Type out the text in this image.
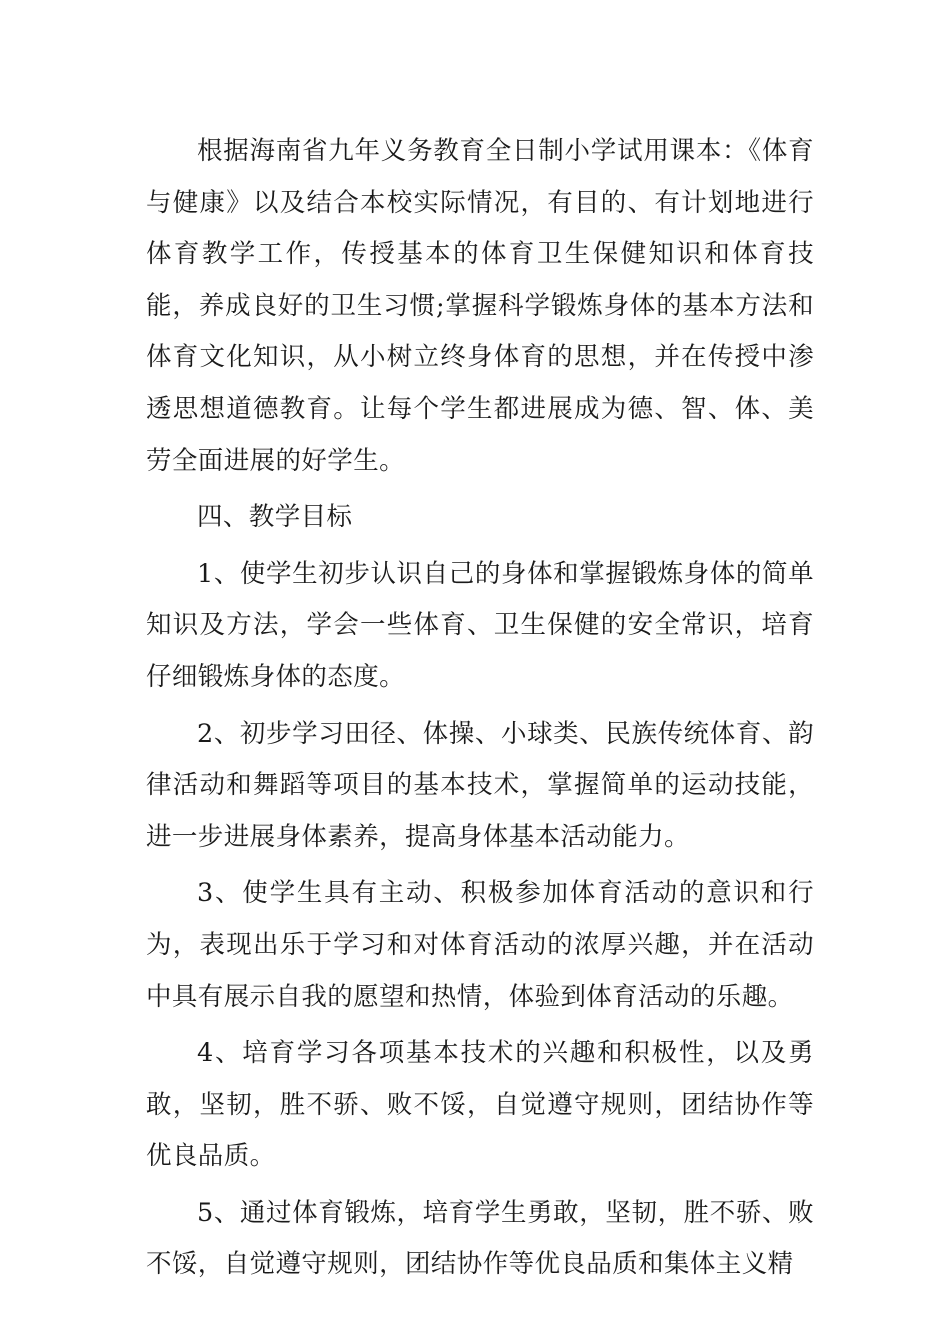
根据海南省九年义务教育全日制小学试用课本：《体育与健康》以及结合本校实际情况，有目的、有计划地进行体育教学工作，传授基本的体育卫生保健知识和体育技能，养成良好的卫生习惯;掌握科学锻炼身体的基本方法和体育文化知识，从小树立终身体育的思想，并在传授中渗透思想道德教育。让每个学生都进展成为德、智、体、美劳全面进展的好学生。

四、教学目标

1、使学生初步认识自己的身体和掌握锻炼身体的简单知识及方法，学会一些体育、卫生保健的安全常识，培育仔细锻炼身体的态度。

2、初步学习田径、体操、小球类、民族传统体育、韵律活动和舞蹈等项目的基本技术，掌握简单的运动技能，进一步进展身体素养，提高身体基本活动能力。

3、使学生具有主动、积极参加体育活动的意识和行为，表现出乐于学习和对体育活动的浓厚兴趣，并在活动中具有展示自我的愿望和热情，体验到体育活动的乐趣。

4、培育学习各项基本技术的兴趣和积极性，以及勇敢，坚韧，胜不骄、败不馁，自觉遵守规则，团结协作等优良品质。

5、通过体育锻炼，培育学生勇敢，坚韧，胜不骄、败不馁，自觉遵守规则，团结协作等优良品质和集体主义精
